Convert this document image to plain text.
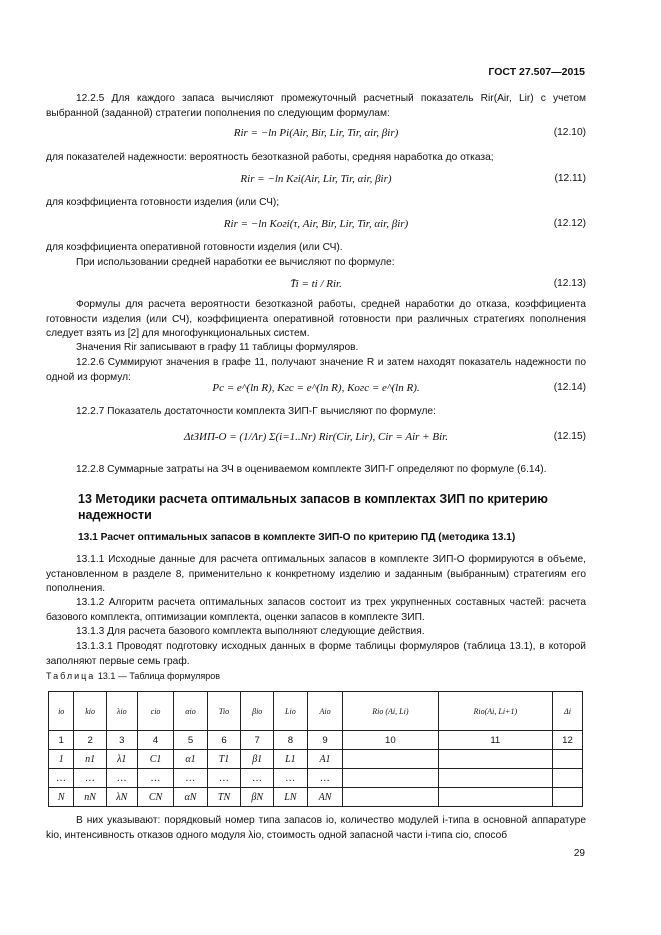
ГОСТ 27.507—2015
12.2.5 Для каждого запаса вычисляют промежуточный расчетный показатель Rir(Air, Lir) с учетом выбранной (заданной) стратегии пополнения по следующим формулам:
Rir = −ln Pi(Air, Bir, Lir, Tir, αir, βir)	(12.10)
для показателей надежности: вероятность безотказной работы, средняя наработка до отказа;
Rir = −ln Kгi(Air, Lir, Tir, αir, βir)	(12.11)
для коэффициента готовности изделия (или СЧ);
Rir = −ln Kогi(τ, Air, Bir, Lir, Tir, αir, βir)	(12.12)
для коэффициента оперативной готовности изделия (или СЧ).
При использовании средней наработки ее вычисляют по формуле:
T̄i = ti / Rir.	(12.13)
Формулы для расчета вероятности безотказной работы, средней наработки до отказа, коэффициента готовности изделия (или СЧ), коэффициента оперативной готовности при различных стратегиях пополнения следует взять из [2] для многофункциональных систем.
Значения Rir записывают в графу 11 таблицы формуляров.
12.2.6 Суммируют значения в графе 11, получают значение R и затем находят показатель надежности по одной из формул:
Pc = e^(ln R), Kгс = e^(ln R), Kогс = e^(ln R).	(12.14)
12.2.7 Показатель достаточности комплекта ЗИП-Г вычисляют по формуле:
ΔtЗИП-О = (1/Λr) Σ(i=1..Nr) Rir(Cir, Lir), Cir = Air + Bir.	(12.15)
12.2.8 Суммарные затраты на ЗЧ в оцениваемом комплекте ЗИП-Г определяют по формуле (6.14).
13 Методики расчета оптимальных запасов в комплектах ЗИП по критерию надежности
13.1 Расчет оптимальных запасов в комплекте ЗИП-О по критерию ПД (методика 13.1)
13.1.1 Исходные данные для расчета оптимальных запасов в комплекте ЗИП-О формируются в объеме, установленном в разделе 8, применительно к конкретному изделию и заданным (выбранным) стратегиям его пополнения.
13.1.2 Алгоритм расчета оптимальных запасов состоит из трех укрупненных составных частей: расчета базового комплекта, оптимизации комплекта, оценки запасов в комплекте ЗИП.
13.1.3 Для расчета базового комплекта выполняют следующие действия.
13.1.3.1 Проводят подготовку исходных данных в форме таблицы формуляров (таблица 13.1), в которой заполняют первые семь граф.
Таблица 13.1 — Таблица формуляров
iо	kiо	λiо	ciо	αiо	Tiо	βiо	Liо	Aiо	Riо (Ai, Li)	Riо(Ai, Li+1)	Δi
1	2	3	4	5	6	7	8	9	10	11	12
1	n1	λ1	C1	α1	T1	β1	L1	A1			
…	…	…	…	…	…	…	…	…			
N	nN	λN	CN	αN	TN	βN	LN	AN			
В них указывают: порядковый номер типа запасов iо, количество модулей i-типа в основной аппаратуре kiо, интенсивность отказов одного модуля λiо, стоимость одной запасной части i-типа ciо, способ
29
